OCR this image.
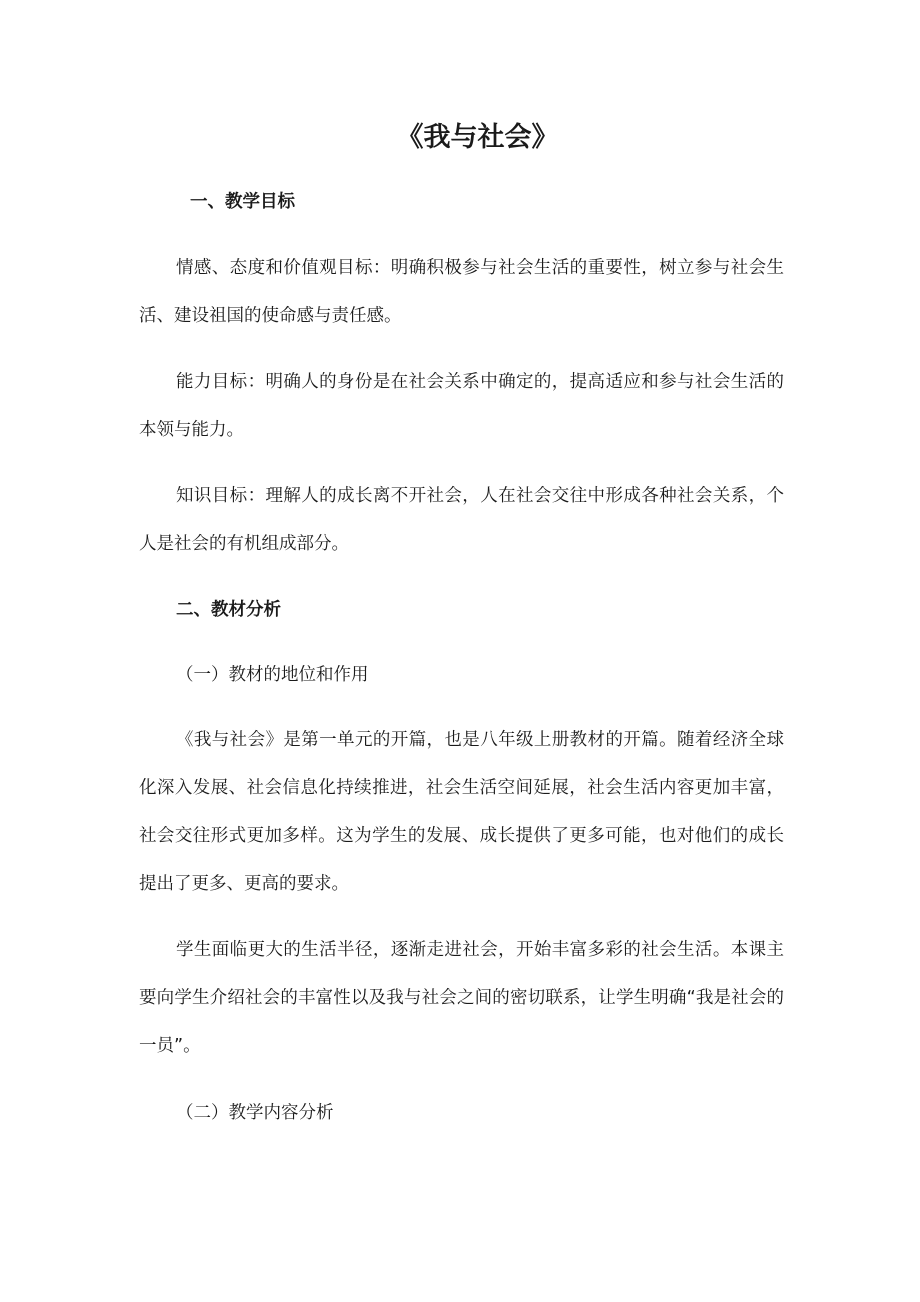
《我与社会》
一、教学目标
情感、态度和价值观目标：明确积极参与社会生活的重要性，树立参与社会生活、建设祖国的使命感与责任感。
能力目标：明确人的身份是在社会关系中确定的，提高适应和参与社会生活的本领与能力。
知识目标：理解人的成长离不开社会，人在社会交往中形成各种社会关系，个人是社会的有机组成部分。
二、教材分析
（一）教材的地位和作用
《我与社会》是第一单元的开篇，也是八年级上册教材的开篇。随着经济全球化深入发展、社会信息化持续推进，社会生活空间延展，社会生活内容更加丰富，社会交往形式更加多样。这为学生的发展、成长提供了更多可能，也对他们的成长提出了更多、更高的要求。
学生面临更大的生活半径，逐渐走进社会，开始丰富多彩的社会生活。本课主要向学生介绍社会的丰富性以及我与社会之间的密切联系，让学生明确“我是社会的一员”。
（二）教学内容分析
